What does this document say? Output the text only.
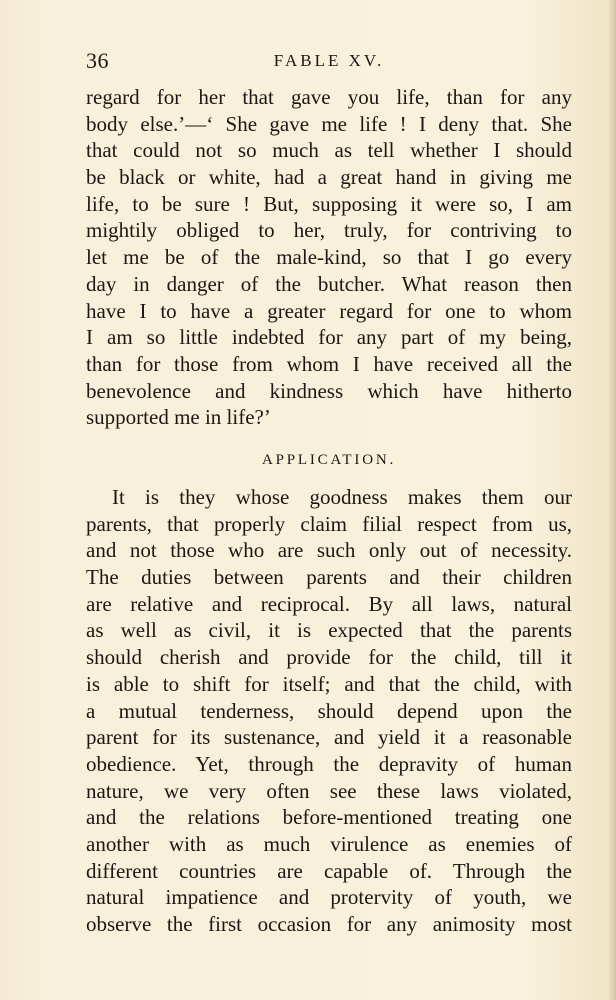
36	FABLE XV.
regard for her that gave you life, than for any
body else.’—‘ She gave me life ! I deny that. She
that could not so much as tell whether I should
be black or white, had a great hand in giving me
life, to be sure ! But, supposing it were so, I am
mightily obliged to her, truly, for contriving to
let me be of the male-kind, so that I go every
day in danger of the butcher. What reason then
have I to have a greater regard for one to whom
I am so little indebted for any part of my being,
than for those from whom I have received all the
benevolence and kindness which have hitherto
supported me in life?’
APPLICATION.
It is they whose goodness makes them our
parents, that properly claim filial respect from us,
and not those who are such only out of necessity.
The duties between parents and their children
are relative and reciprocal. By all laws, natural
as well as civil, it is expected that the parents
should cherish and provide for the child, till it
is able to shift for itself; and that the child, with
a mutual tenderness, should depend upon the
parent for its sustenance, and yield it a reasonable
obedience. Yet, through the depravity of human
nature, we very often see these laws violated,
and the relations before-mentioned treating one
another with as much virulence as enemies of
different countries are capable of. Through the
natural impatience and protervity of youth, we
observe the first occasion for any animosity most
